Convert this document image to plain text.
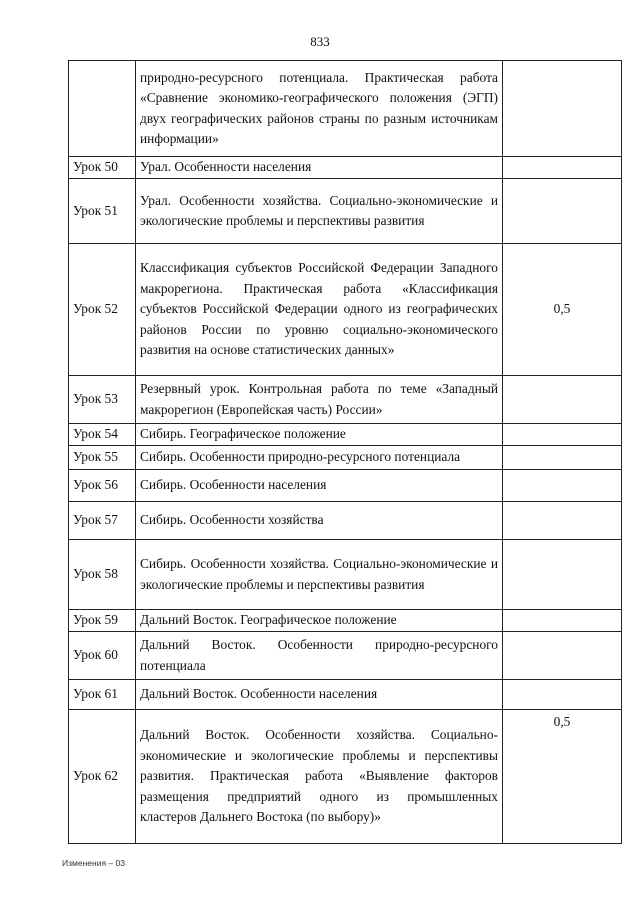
833
	природно-ресурсного потенциала. Практическая работа «Сравнение экономико-географического положения (ЭГП) двух географических районов страны по разным источникам информации»	
Урок 50	Урал. Особенности населения	
Урок 51	Урал. Особенности хозяйства. Социально-экономические и экологические проблемы и перспективы развития	
Урок 52	Классификация субъектов Российской Федерации Западного макрорегиона. Практическая работа «Классификация субъектов Российской Федерации одного из географических районов России по уровню социально-экономического развития на основе статистических данных»	0,5
Урок 53	Резервный урок. Контрольная работа по теме «Западный макрорегион (Европейская часть) России»	
Урок 54	Сибирь. Географическое положение	
Урок 55	Сибирь. Особенности природно-ресурсного потенциала	
Урок 56	Сибирь. Особенности населения	
Урок 57	Сибирь. Особенности хозяйства	
Урок 58	Сибирь. Особенности хозяйства. Социально-экономические и экологические проблемы и перспективы развития	
Урок 59	Дальний Восток. Географическое положение	
Урок 60	Дальний Восток. Особенности природно-ресурсного потенциала	
Урок 61	Дальний Восток. Особенности населения	
Урок 62	Дальний Восток. Особенности хозяйства. Социально-экономические и экологические проблемы и перспективы развития. Практическая работа «Выявление факторов размещения предприятий одного из промышленных кластеров Дальнего Востока (по выбору)»	0,5
Изменения – 03
